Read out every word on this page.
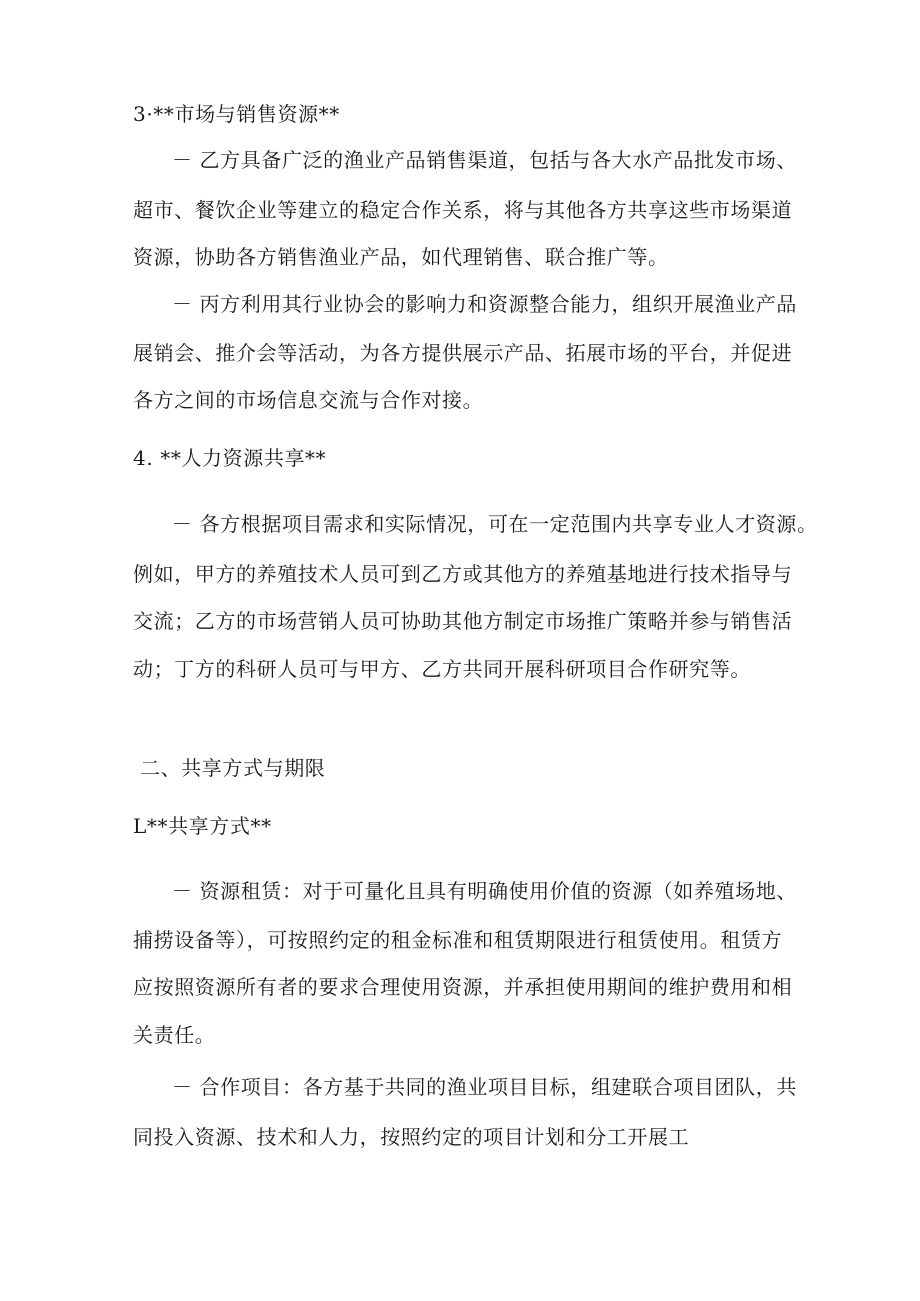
3·**市场与销售资源**
－ 乙方具备广泛的渔业产品销售渠道，包括与各大水产品批发市场、
超市、餐饮企业等建立的稳定合作关系，将与其他各方共享这些市场渠道
资源，协助各方销售渔业产品，如代理销售、联合推广等。
－ 丙方利用其行业协会的影响力和资源整合能力，组织开展渔业产品
展销会、推介会等活动，为各方提供展示产品、拓展市场的平台，并促进
各方之间的市场信息交流与合作对接。
4. **人力资源共享**
－ 各方根据项目需求和实际情况，可在一定范围内共享专业人才资源。
例如，甲方的养殖技术人员可到乙方或其他方的养殖基地进行技术指导与
交流；乙方的市场营销人员可协助其他方制定市场推广策略并参与销售活
动；丁方的科研人员可与甲方、乙方共同开展科研项目合作研究等。
二、共享方式与期限
L**共享方式**
－ 资源租赁：对于可量化且具有明确使用价值的资源（如养殖场地、
捕捞设备等），可按照约定的租金标准和租赁期限进行租赁使用。租赁方
应按照资源所有者的要求合理使用资源，并承担使用期间的维护费用和相
关责任。
－ 合作项目：各方基于共同的渔业项目目标，组建联合项目团队，共
同投入资源、技术和人力，按照约定的项目计划和分工开展工
